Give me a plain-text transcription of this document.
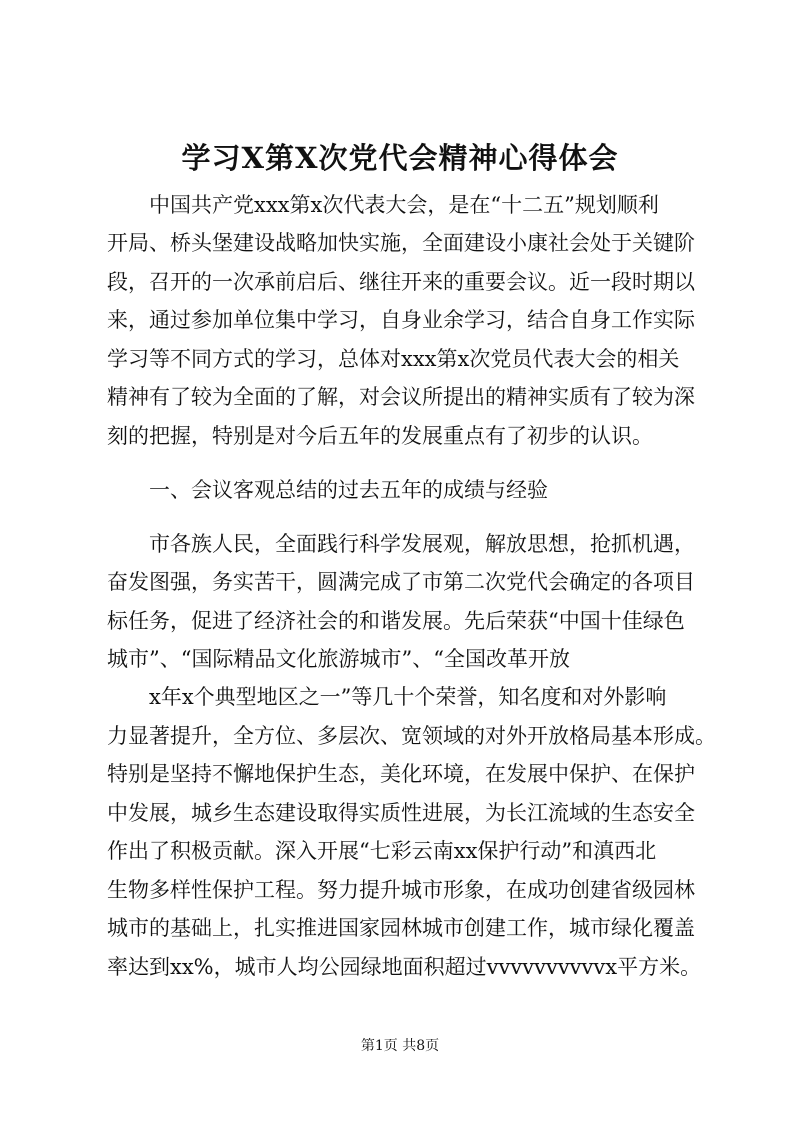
学习X第X次党代会精神心得体会
中国共产党xxx第x次代表大会，是在“十二五”规划顺利
开局、桥头堡建设战略加快实施，全面建设小康社会处于关键阶
段，召开的一次承前启后、继往开来的重要会议。近一段时期以
来，通过参加单位集中学习，自身业余学习，结合自身工作实际
学习等不同方式的学习，总体对xxx第x次党员代表大会的相关
精神有了较为全面的了解，对会议所提出的精神实质有了较为深
刻的把握，特别是对今后五年的发展重点有了初步的认识。
一、会议客观总结的过去五年的成绩与经验
市各族人民，全面践行科学发展观，解放思想，抢抓机遇，
奋发图强，务实苦干，圆满完成了市第二次党代会确定的各项目
标任务，促进了经济社会的和谐发展。先后荣获“中国十佳绿色
城市”、“国际精品文化旅游城市”、“全国改革开放
x年x个典型地区之一”等几十个荣誉，知名度和对外影响
力显著提升，全方位、多层次、宽领域的对外开放格局基本形成。
特别是坚持不懈地保护生态，美化环境，在发展中保护、在保护
中发展，城乡生态建设取得实质性进展，为长江流域的生态安全
作出了积极贡献。深入开展“七彩云南xx保护行动”和滇西北
生物多样性保护工程。努力提升城市形象，在成功创建省级园林
城市的基础上，扎实推进国家园林城市创建工作，城市绿化覆盖
率达到xx%，城市人均公园绿地面积超过vvvvvvvvvvx平方米。
第1页 共8页
